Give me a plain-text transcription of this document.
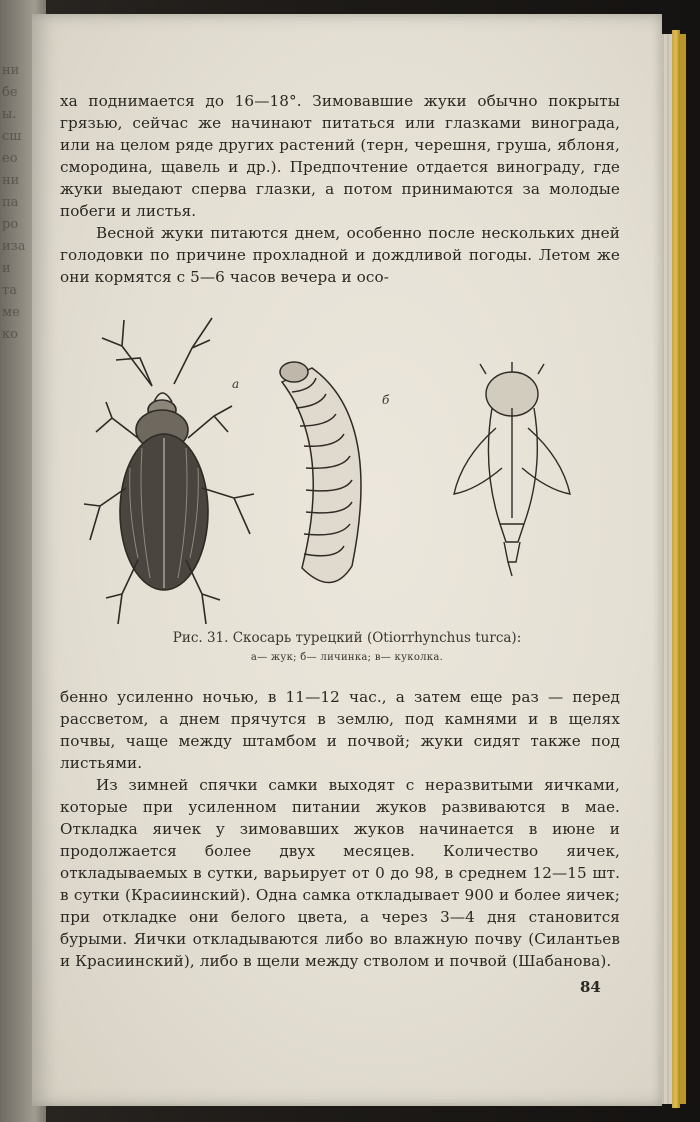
ни
бе
ы.
сш
ео
ни
па
ро
иза
и
та
ме
ко

ха поднимается до 16—18°. Зимовавшие жуки обычно покрыты грязью, сейчас же начинают питаться или глазками винограда, или на целом ряде других растений (терн, черешня, груша, яблоня, смородина, щавель и др.). Предпочтение отдается винограду, где жуки выедают сперва глазки, а потом принимаются за молодые побеги и листья.

Весной жуки питаются днем, особенно после нескольких дней голодовки по причине прохладной и дождливой погоды. Летом же они кормятся с 5—6 часов вечера и осо-

а
б
Рис. 31. Скосарь турецкий (Otiorrhynchus turca):
а— жук; б— личинка; в— куколка.

бенно усиленно ночью, в 11—12 час., а затем еще раз — перед рассветом, а днем прячутся в землю, под камнями и в щелях почвы, чаще между штамбом и почвой; жуки сидят также под листьями.

Из зимней спячки самки выходят с неразвитыми яичками, которые при усиленном питании жуков развиваются в мае. Откладка яичек у зимовавших жуков начинается в июне и продолжается более двух месяцев. Количество яичек, откладываемых в сутки, варьирует от 0 до 98, в среднем 12—15 шт. в сутки (Красиинский). Одна самка откладывает 900 и более яичек; при откладке они белого цвета, а через 3—4 дня становится бурыми. Яички откладываются либо во влажную почву (Силантьев и Красиинский), либо в щели между стволом и почвой (Шабанова).

84
